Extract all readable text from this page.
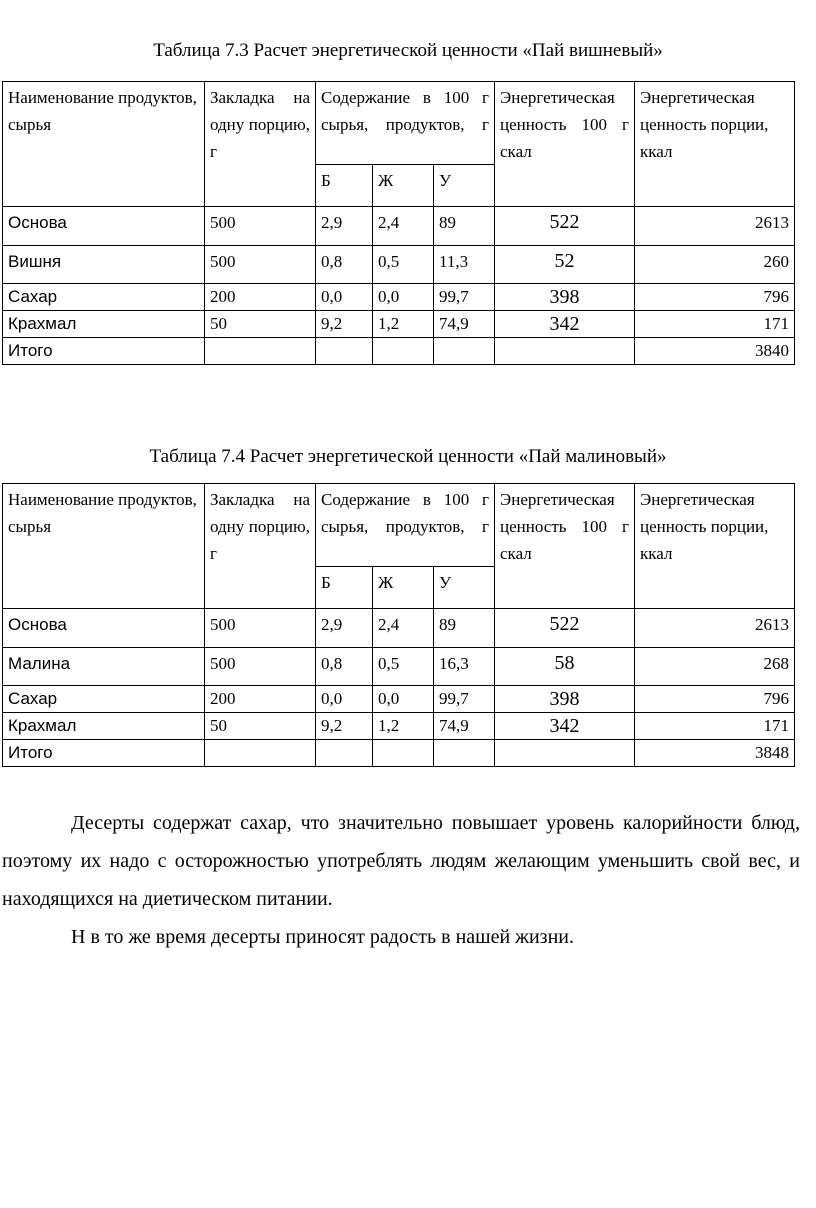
Таблица 7.3 Расчет энергетической ценности «Пай вишневый»
Наименование продуктов, сырья	Закладка на одну порцию, г	Содержание в 100 г сырья, продуктов, г			Энергетическая ценность 100 г скал	Энергетическая ценность порции, ккал
		Б	Ж	У		
Основа	500	2,9	2,4	89	522	2613
Вишня	500	0,8	0,5	11,3	52	260
Сахар	200	0,0	0,0	99,7	398	796
Крахмал	50	9,2	1,2	74,9	342	171
Итого						3840
Таблица 7.4 Расчет энергетической ценности «Пай малиновый»
Наименование продуктов, сырья	Закладка на одну порцию, г	Содержание в 100 г сырья, продуктов, г			Энергетическая ценность 100 г скал	Энергетическая ценность порции, ккал
		Б	Ж	У		
Основа	500	2,9	2,4	89	522	2613
Малина	500	0,8	0,5	16,3	58	268
Сахар	200	0,0	0,0	99,7	398	796
Крахмал	50	9,2	1,2	74,9	342	171
Итого						3848

Десерты содержат сахар, что значительно повышает уровень калорийности блюд, поэтому их надо с осторожностью употреблять людям желающим уменьшить свой вес, и находящихся на диетическом питании.

Н в то же время десерты приносят радость в нашей жизни.
